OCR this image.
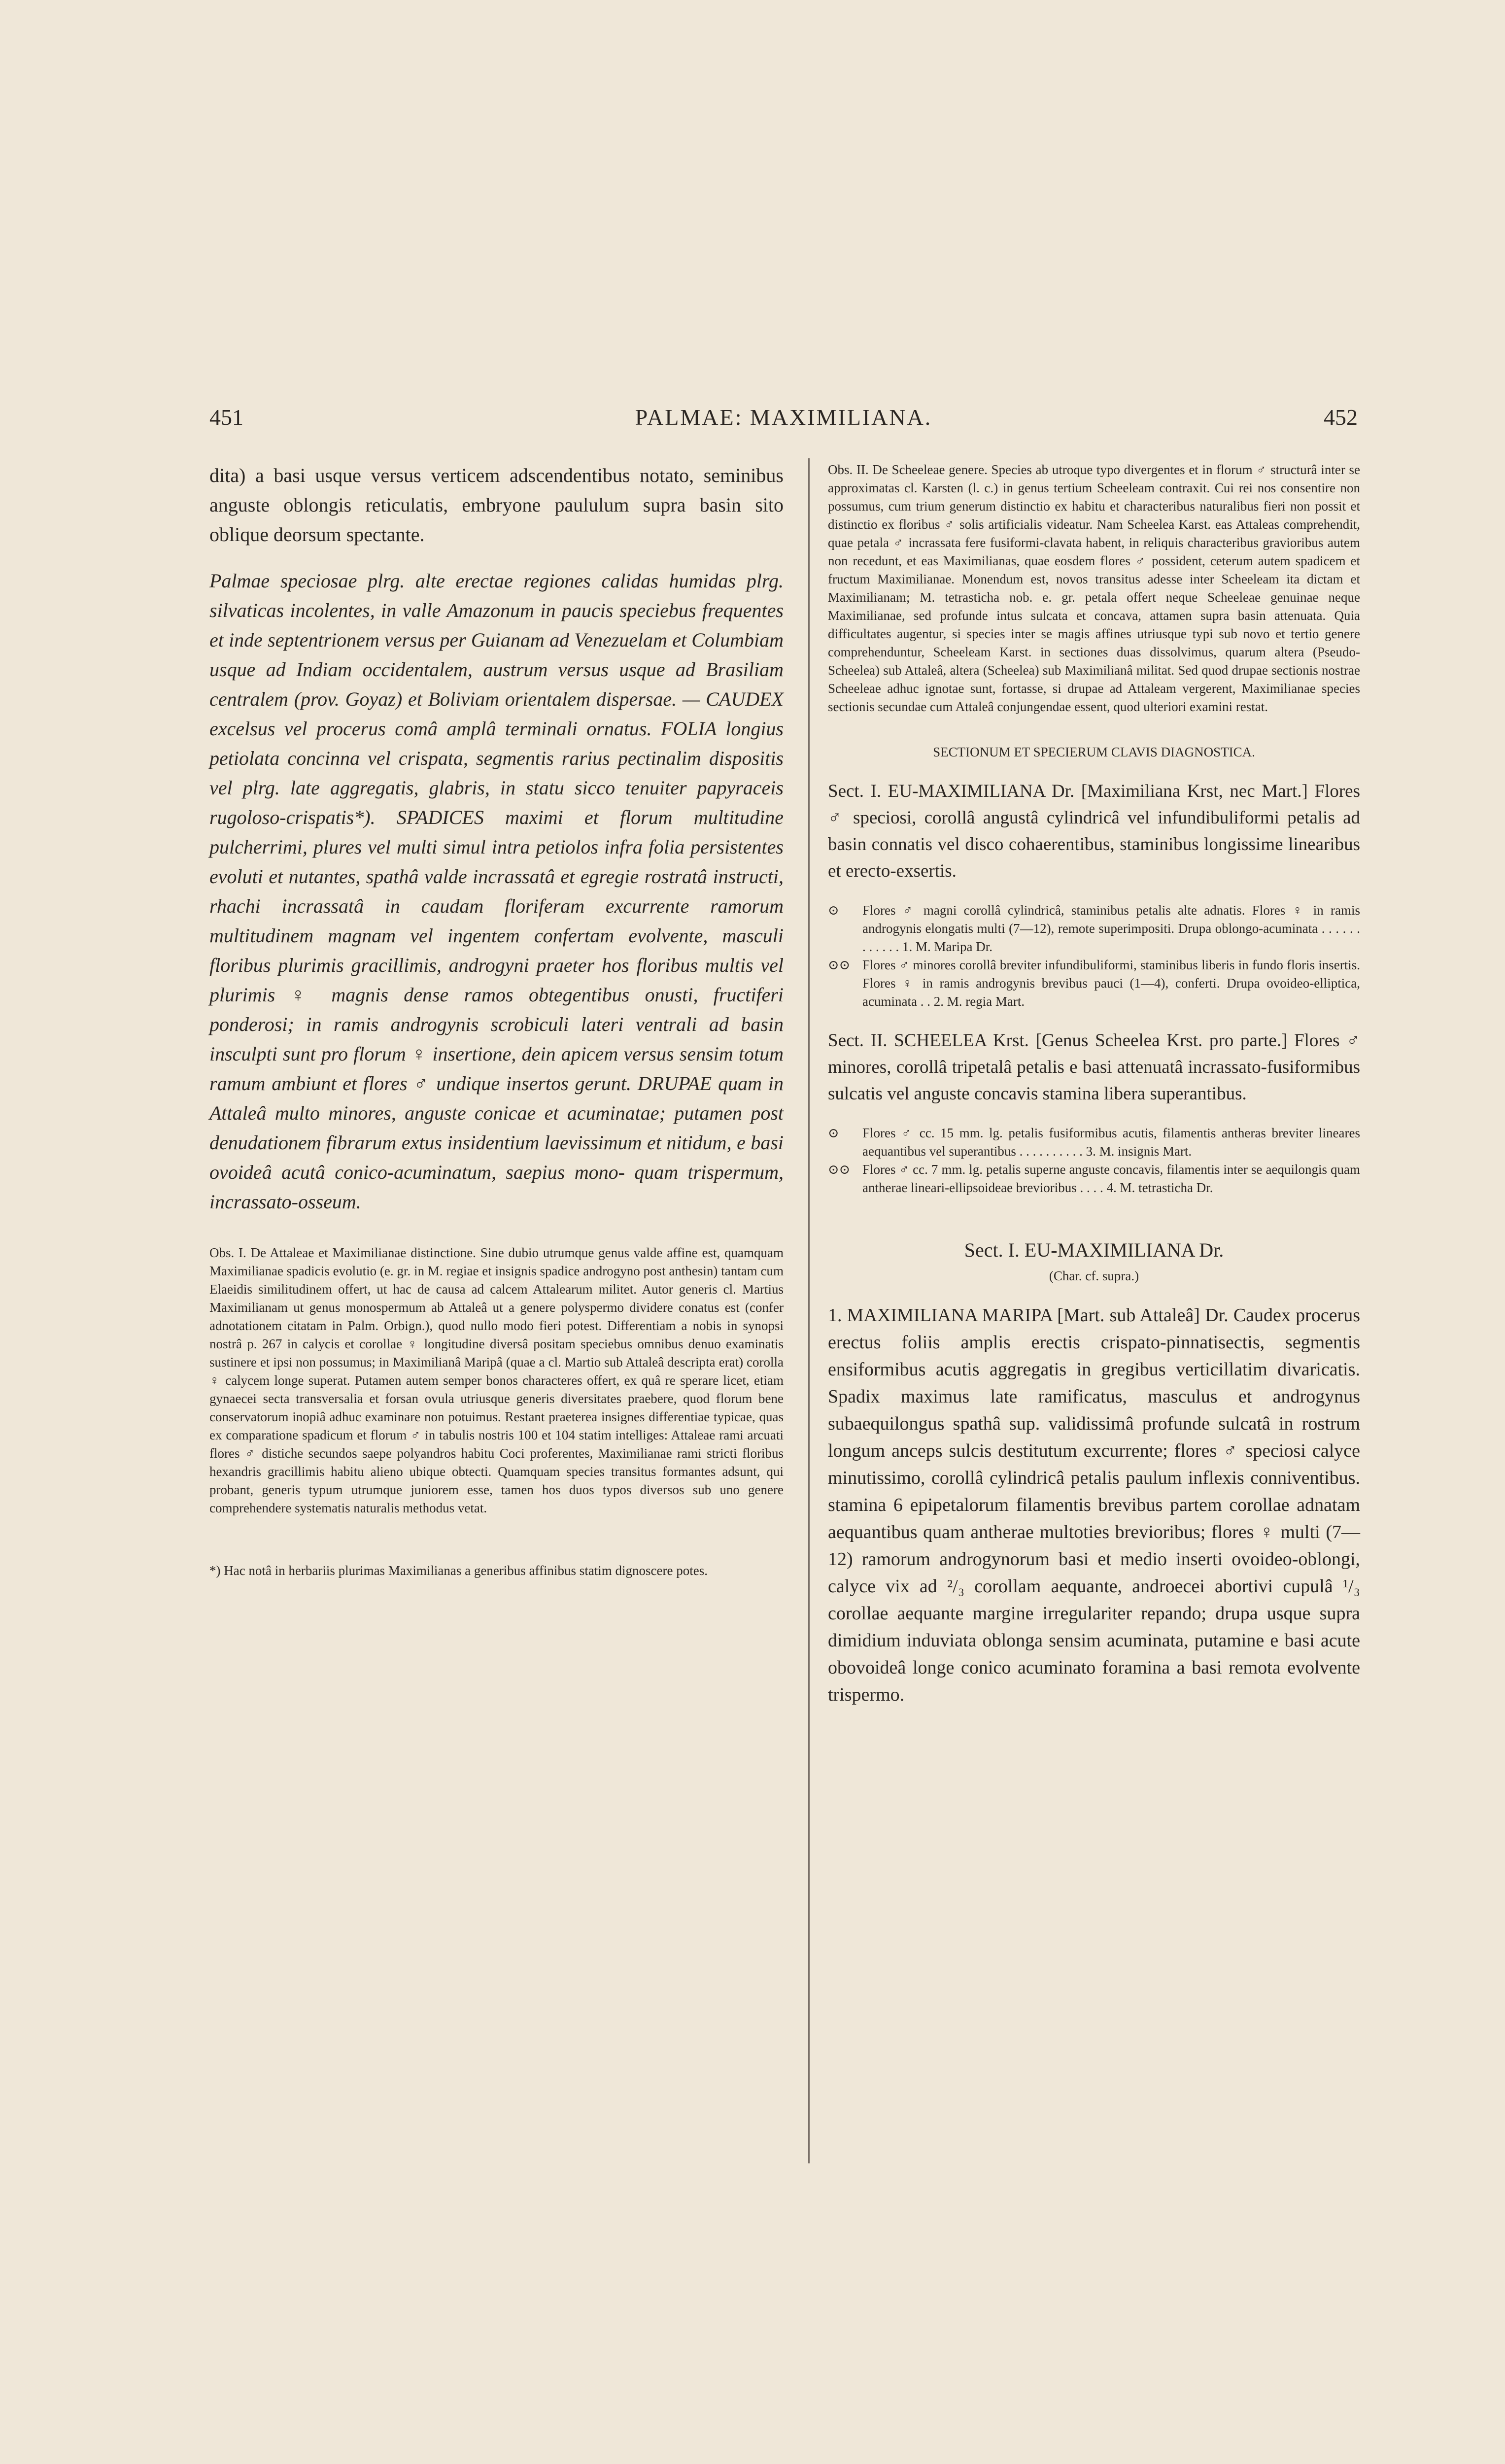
451	PALMAE: MAXIMILIANA.	452

dita) a basi usque versus verticem adscendentibus notato, seminibus anguste oblongis reticulatis, embryone paululum supra basin sito oblique deorsum spectante.

Palmae speciosae plrg. alte erectae regiones calidas humidas plrg. silvaticas incolentes, in valle Amazonum in paucis speciebus frequentes et inde septentrionem versus per Guianam ad Venezuelam et Columbiam usque ad Indiam occidentalem, austrum versus usque ad Brasiliam centralem (prov. Goyaz) et Boliviam orientalem dispersae. — CAUDEX excelsus vel procerus comâ amplâ terminali ornatus. FOLIA longius petiolata concinna vel crispata, segmentis rarius pectinalim dispositis vel plrg. late aggregatis, glabris, in statu sicco tenuiter papyraceis rugoloso-crispatis*). SPADICES maximi et florum multitudine pulcherrimi, plures vel multi simul intra petiolos infra folia persistentes evoluti et nutantes, spathâ valde incrassatâ et egregie rostratâ instructi, rhachi incrassatâ in caudam floriferam excurrente ramorum multitudinem magnam vel ingentem confertam evolvente, masculi floribus plurimis gracillimis, androgyni praeter hos floribus multis vel plurimis ♀ magnis dense ramos obtegentibus onusti, fructiferi ponderosi; in ramis androgynis scrobiculi lateri ventrali ad basin insculpti sunt pro florum ♀ insertione, dein apicem versus sensim totum ramum ambiunt et flores ♂ undique insertos gerunt. DRUPAE quam in Attaleâ multo minores, anguste conicae et acuminatae; putamen post denudationem fibrarum extus insidentium laevissimum et nitidum, e basi ovoideâ acutâ conico-acuminatum, saepius mono- quam trispermum, incrassato-osseum.

Obs. I. De Attaleae et Maximilianae distinctione. Sine dubio utrumque genus valde affine est, quamquam Maximilianae spadicis evolutio (e. gr. in M. regiae et insignis spadice androgyno post anthesin) tantam cum Elaeidis similitudinem offert, ut hac de causa ad calcem Attalearum militet. Autor generis cl. Martius Maximilianam ut genus monospermum ab Attaleâ ut a genere polyspermo dividere conatus est (confer adnotationem citatam in Palm. Orbign.), quod nullo modo fieri potest. Differentiam a nobis in synopsi nostrâ p. 267 in calycis et corollae ♀ longitudine diversâ positam speciebus omnibus denuo examinatis sustinere et ipsi non possumus; in Maximilianâ Maripâ (quae a cl. Martio sub Attaleâ descripta erat) corolla ♀ calycem longe superat. Putamen autem semper bonos characteres offert, ex quâ re sperare licet, etiam gynaecei secta transversalia et forsan ovula utriusque generis diversitates praebere, quod florum bene conservatorum inopiâ adhuc examinare non potuimus. Restant praeterea insignes differentiae typicae, quas ex comparatione spadicum et florum ♂ in tabulis nostris 100 et 104 statim intelliges: Attaleae rami arcuati flores ♂ distiche secundos saepe polyandros habitu Coci proferentes, Maximilianae rami stricti floribus hexandris gracillimis habitu alieno ubique obtecti. Quamquam species transitus formantes adsunt, qui probant, generis typum utrumque juniorem esse, tamen hos duos typos diversos sub uno genere comprehendere systematis naturalis methodus vetat.

*) Hac notâ in herbariis plurimas Maximilianas a generibus affinibus statim dignoscere potes.

Obs. II. De Scheeleae genere. Species ab utroque typo divergentes et in florum ♂ structurâ inter se approximatas cl. Karsten (l. c.) in genus tertium Scheeleam contraxit. Cui rei nos consentire non possumus, cum trium generum distinctio ex habitu et characteribus naturalibus fieri non possit et distinctio ex floribus ♂ solis artificialis videatur. Nam Scheelea Karst. eas Attaleas comprehendit, quae petala ♂ incrassata fere fusiformi-clavata habent, in reliquis characteribus gravioribus autem non recedunt, et eas Maximilianas, quae eosdem flores ♂ possident, ceterum autem spadicem et fructum Maximilianae. Monendum est, novos transitus adesse inter Scheeleam ita dictam et Maximilianam; M. tetrasticha nob. e. gr. petala offert neque Scheeleae genuinae neque Maximilianae, sed profunde intus sulcata et concava, attamen supra basin attenuata. Quia difficultates augentur, si species inter se magis affines utriusque typi sub novo et tertio genere comprehenduntur, Scheeleam Karst. in sectiones duas dissolvimus, quarum altera (Pseudo-Scheelea) sub Attaleâ, altera (Scheelea) sub Maximilianâ militat. Sed quod drupae sectionis nostrae Scheeleae adhuc ignotae sunt, fortasse, si drupae ad Attaleam vergerent, Maximilianae species sectionis secundae cum Attaleâ conjungendae essent, quod ulteriori examini restat.

SECTIONUM ET SPECIERUM CLAVIS DIAGNOSTICA.

Sect. I. EU-MAXIMILIANA Dr. [Maximiliana Krst, nec Mart.] Flores ♂ speciosi, corollâ angustâ cylindricâ vel infundibuliformi petalis ad basin connatis vel disco cohaerentibus, staminibus longissime linearibus et erecto-exsertis.

⊙ Flores ♂ magni corollâ cylindricâ, staminibus petalis alte adnatis. Flores ♀ in ramis androgynis elongatis multi (7—12), remote superimpositi. Drupa oblongo-acuminata . . . . . . . . . . . . 1. M. Maripa Dr.

⊙⊙ Flores ♂ minores corollâ breviter infundibuliformi, staminibus liberis in fundo floris insertis. Flores ♀ in ramis androgynis brevibus pauci (1—4), conferti. Drupa ovoideo-elliptica, acuminata . . 2. M. regia Mart.

Sect. II. SCHEELEA Krst. [Genus Scheelea Krst. pro parte.] Flores ♂ minores, corollâ tripetalâ petalis e basi attenuatâ incrassato-fusiformibus sulcatis vel anguste concavis stamina libera superantibus.

⊙ Flores ♂ cc. 15 mm. lg. petalis fusiformibus acutis, filamentis antheras breviter lineares aequantibus vel superantibus . . . . . . . . . . 3. M. insignis Mart.

⊙⊙ Flores ♂ cc. 7 mm. lg. petalis superne anguste concavis, filamentis inter se aequilongis quam antherae lineari-ellipsoideae brevioribus . . . . 4. M. tetrasticha Dr.

Sect. I. EU-MAXIMILIANA Dr.

(Char. cf. supra.)

1. MAXIMILIANA MARIPA [Mart. sub Attaleâ] Dr. Caudex procerus erectus foliis amplis erectis crispato-pinnatisectis, segmentis ensiformibus acutis aggregatis in gregibus verticillatim divaricatis. Spadix maximus late ramificatus, masculus et androgynus subaequilongus spathâ sup. validissimâ profunde sulcatâ in rostrum longum anceps sulcis destitutum excurrente; flores ♂ speciosi calyce minutissimo, corollâ cylindricâ petalis paulum inflexis conniventibus. stamina 6 epipetalorum filamentis brevibus partem corollae adnatam aequantibus quam antherae multoties brevioribus; flores ♀ multi (7—12) ramorum androgynorum basi et medio inserti ovoideo-oblongi, calyce vix ad ²/₃ corollam aequante, androecei abortivi cupulâ ¹/₃ corollae aequante margine irregulariter repando; drupa usque supra dimidium induviata oblonga sensim acuminata, putamine e basi acute obovoideâ longe conico acuminato foramina a basi remota evolvente trispermo.
